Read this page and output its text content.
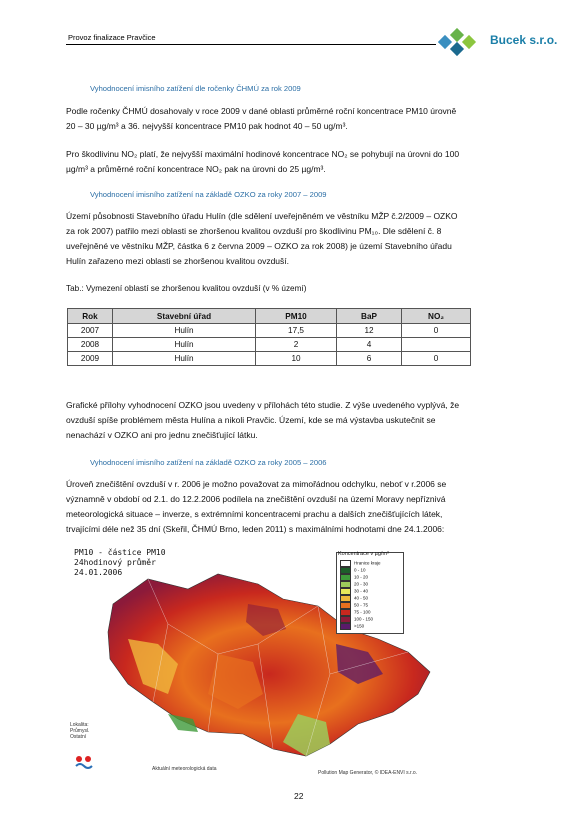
Provoz finalizace Pravčice	Bucek s.r.o.
Vyhodnocení imisního zatížení dle ročenky ČHMÚ za rok 2009
Podle ročenky ČHMÚ dosahovaly v roce 2009 v dané oblasti průměrné roční koncentrace PM10 úrovně
20 – 30 µg/m³ a 36. nejvyšší koncentrace PM10 pak hodnot 40 – 50 ug/m³.
Pro škodlivinu NO₂ platí, že nejvyšší maximální hodinové koncentrace NO₂ se pohybují na úrovni do 100
µg/m³ a průměrné roční koncentrace NO₂ pak na úrovni do 25 µg/m³.
Vyhodnocení imisního zatížení na základě OZKO za roky 2007 – 2009
Území působnosti Stavebního úřadu Hulín (dle sdělení uveřejněném ve věstníku MŽP č.2/2009 – OZKO
za rok 2007) patřilo mezi oblasti se zhoršenou kvalitou ovzduší pro škodlivinu PM₁₀. Dle sdělení č. 8
uveřejněné ve věstníku MŽP, částka 6 z června 2009 – OZKO za rok 2008) je území Stavebního úřadu
Hulín zařazeno mezi oblasti se zhoršenou kvalitou ovzduší.
Tab.: Vymezení oblastí se zhoršenou kvalitou ovzduší (v % území)
Rok	Stavební úřad	PM10	BaP	NO₂
2007	Hulín	17,5	12	0
2008	Hulín	2	4	
2009	Hulín	10	6	0
Grafické přílohy vyhodnocení OZKO jsou uvedeny v přílohách této studie. Z výše uvedeného vyplývá, že
ovzduší spíše problémem města Hulína a nikoli Pravčic. Území, kde se má výstavba uskutečnit se
nenachází v OZKO ani pro jednu znečišťující látku.
Vyhodnocení imisního zatížení na základě OZKO za roky 2005 – 2006
Úroveň znečištění ovzduší v r. 2006 je možno považovat za mimořádnou odchylku, neboť v r.2006 se
významně v období od 2.1. do 12.2.2006 podílela na znečištění ovzduší na území Moravy nepříznivá
meteorologická situace – inverze, s extrémními koncentracemi prachu a dalších znečišťujících látek,
trvajícími déle než 35 dní (Skeřil, ČHMÚ Brno, leden 2011) s maximálními hodnotami dne 24.1.2006:
PM10 - částice PM10
24hodinový průměr
24.01.2006
Koncentrace v µg/m³
Hranice kraje
0 - 10
10 - 20
20 - 30
30 - 40
40 - 50
50 - 75
75 - 100
100 - 150
>150
Lokalita: Průmysl. Ostatní
Aktuální meteorologická data
Pollution Map Generator, © IDEA-ENVI s.r.o.
22
